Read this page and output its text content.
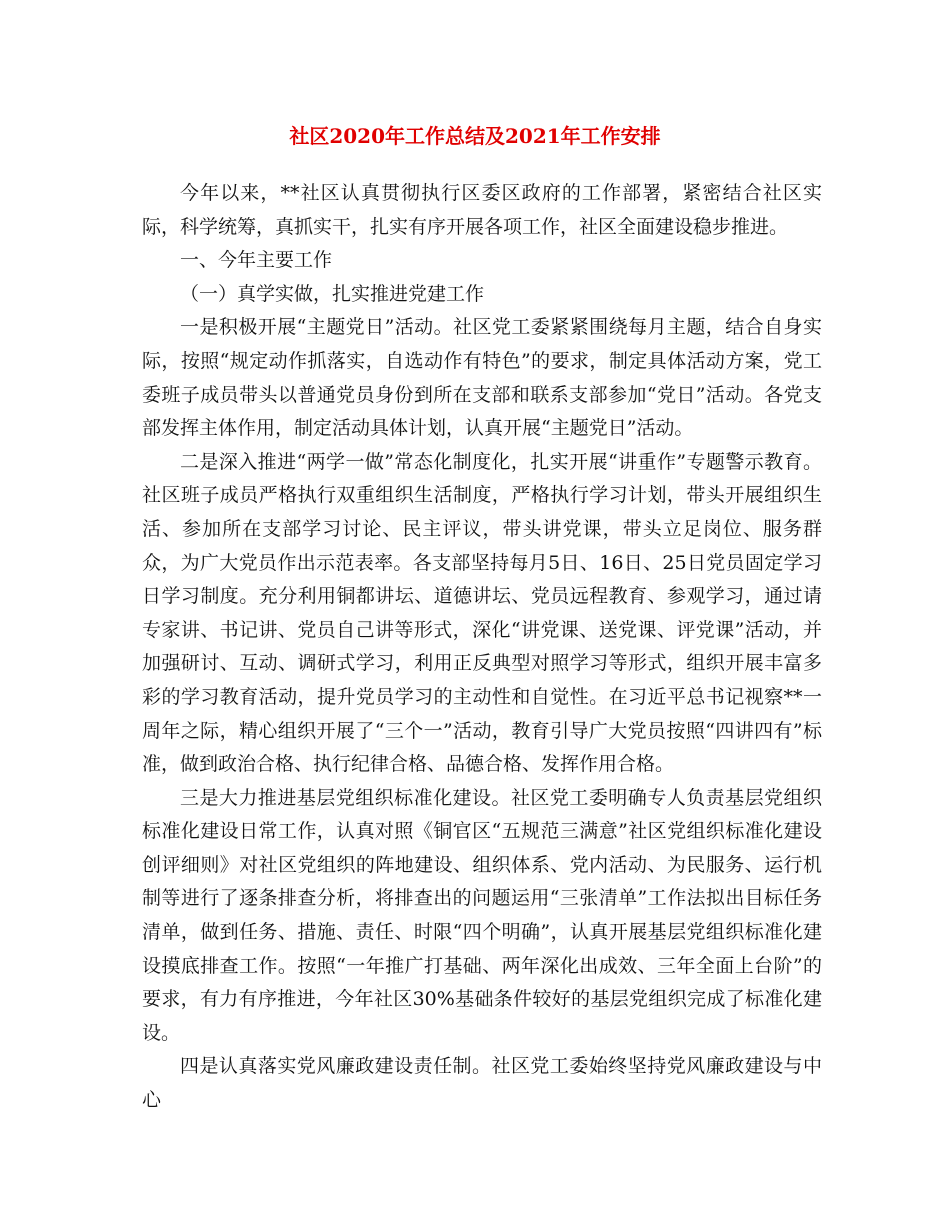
社区2020年工作总结及2021年工作安排

今年以来，**社区认真贯彻执行区委区政府的工作部署，紧密结合社区实际，科学统筹，真抓实干，扎实有序开展各项工作，社区全面建设稳步推进。

一、今年主要工作

（一）真学实做，扎实推进党建工作

一是积极开展“主题党日”活动。社区党工委紧紧围绕每月主题，结合自身实际，按照“规定动作抓落实，自选动作有特色”的要求，制定具体活动方案，党工委班子成员带头以普通党员身份到所在支部和联系支部参加“党日”活动。各党支部发挥主体作用，制定活动具体计划，认真开展“主题党日”活动。

二是深入推进“两学一做”常态化制度化，扎实开展“讲重作”专题警示教育。社区班子成员严格执行双重组织生活制度，严格执行学习计划，带头开展组织生活、参加所在支部学习讨论、民主评议，带头讲党课，带头立足岗位、服务群众，为广大党员作出示范表率。各支部坚持每月5日、16日、25日党员固定学习日学习制度。充分利用铜都讲坛、道德讲坛、党员远程教育、参观学习，通过请专家讲、书记讲、党员自己讲等形式，深化“讲党课、送党课、评党课”活动，并加强研讨、互动、调研式学习，利用正反典型对照学习等形式，组织开展丰富多彩的学习教育活动，提升党员学习的主动性和自觉性。在习近平总书记视察**一周年之际，精心组织开展了“三个一”活动，教育引导广大党员按照“四讲四有”标准，做到政治合格、执行纪律合格、品德合格、发挥作用合格。

三是大力推进基层党组织标准化建设。社区党工委明确专人负责基层党组织标准化建设日常工作，认真对照《铜官区“五规范三满意”社区党组织标准化建设创评细则》对社区党组织的阵地建设、组织体系、党内活动、为民服务、运行机制等进行了逐条排查分析，将排查出的问题运用“三张清单”工作法拟出目标任务清单，做到任务、措施、责任、时限“四个明确”，认真开展基层党组织标准化建设摸底排查工作。按照“一年推广打基础、两年深化出成效、三年全面上台阶”的要求，有力有序推进，今年社区30%基础条件较好的基层党组织完成了标准化建设。

四是认真落实党风廉政建设责任制。社区党工委始终坚持党风廉政建设与中心
